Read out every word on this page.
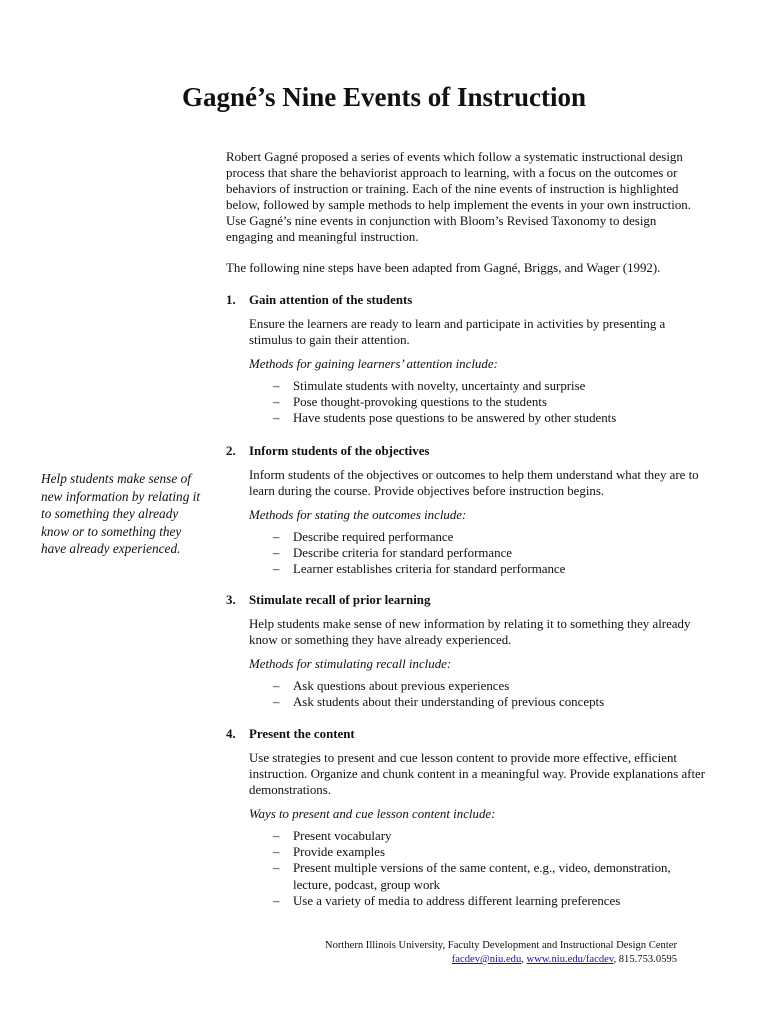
Gagné’s Nine Events of Instruction

Robert Gagné proposed a series of events which follow a systematic instructional design process that share the behaviorist approach to learning, with a focus on the outcomes or behaviors of instruction or training. Each of the nine events of instruction is highlighted below, followed by sample methods to help implement the events in your own instruction. Use Gagné’s nine events in conjunction with Bloom’s Revised Taxonomy to design engaging and meaningful instruction.

The following nine steps have been adapted from Gagné, Briggs, and Wager (1992).

Help students make sense of new information by relating it to something they already know or to something they have already experienced.

1. Gain attention of the students

Ensure the learners are ready to learn and participate in activities by presenting a stimulus to gain their attention.

Methods for gaining learners’ attention include:

– Stimulate students with novelty, uncertainty and surprise
– Pose thought-provoking questions to the students
– Have students pose questions to be answered by other students
2. Inform students of the objectives

Inform students of the objectives or outcomes to help them understand what they are to learn during the course. Provide objectives before instruction begins.

Methods for stating the outcomes include:

– Describe required performance
– Describe criteria for standard performance
– Learner establishes criteria for standard performance
3. Stimulate recall of prior learning

Help students make sense of new information by relating it to something they already know or something they have already experienced.

Methods for stimulating recall include:

– Ask questions about previous experiences
– Ask students about their understanding of previous concepts
4. Present the content

Use strategies to present and cue lesson content to provide more effective, efficient instruction. Organize and chunk content in a meaningful way. Provide explanations after demonstrations.

Ways to present and cue lesson content include:

– Present vocabulary
– Provide examples
– Present multiple versions of the same content, e.g., video, demonstration, lecture, podcast, group work
– Use a variety of media to address different learning preferences

Northern Illinois University, Faculty Development and Instructional Design Center

facdev@niu.edu, www.niu.edu/facdev, 815.753.0595
